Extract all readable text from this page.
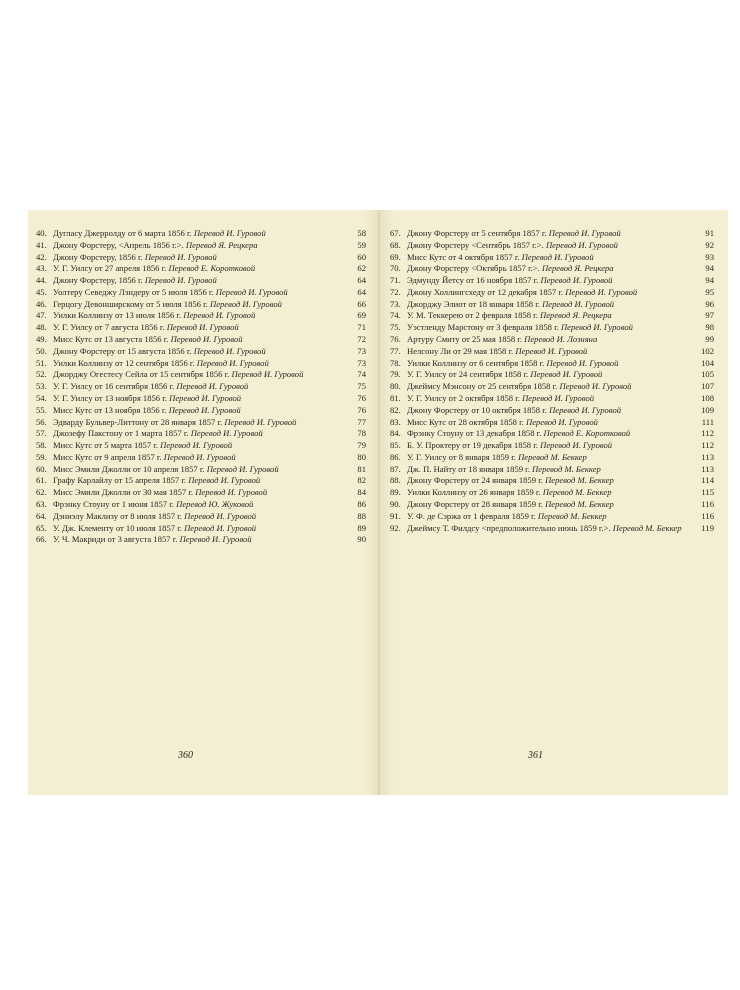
40. Дугласу Джерролду от 6 марта 1856 г. Перевод И. Гуровой	58
41. Джону Форстеру, <Апрель 1856 г.>. Перевод Я. Рецкера	59
42. Джону Форстеру, 1856 г. Перевод И. Гуровой	60
43. У. Г. Уилсу от 27 апреля 1856 г. Перевод Е. Коротковой	62
44. Джону Форстеру, 1856 г. Перевод И. Гуровой	64
45. Уолтеру Севеджу Лэндеру от 5 июля 1856 г. Перевод И. Гуровой	64
46. Герцогу Девонширскому от 5 июля 1856 г. Перевод И. Гуровой	66
47. Уилки Коллинзу от 13 июля 1856 г. Перевод И. Гуровой	69
48. У. Г. Уилсу от 7 августа 1856 г. Перевод И. Гуровой	71
49. Мисс Кутс от 13 августа 1856 г. Перевод И. Гуровой	72
50. Джону Форстеру от 15 августа 1856 г. Перевод И. Гуровой	73
51. Уилки Коллинзу от 12 сентября 1856 г. Перевод И. Гуровой	73
52. Джорджу Огестесу Сейла от 15 сентября 1856 г. Перевод И. Гуровой	74
53. У. Г. Уилсу от 16 сентября 1856 г. Перевод И. Гуровой	75
54. У. Г. Уилсу от 13 ноября 1856 г. Перевод И. Гуровой	76
55. Мисс Кутс от 13 ноября 1856 г. Перевод И. Гуровой	76
56. Эдварду Бульвер-Литтону от 28 января 1857 г. Перевод И. Гуровой	77
57. Джозефу Пакстону от 1 марта 1857 г. Перевод И. Гуровой	78
58. Мисс Кутс от 5 марта 1857 г. Перевод И. Гуровой	79
59. Мисс Кутс от 9 апреля 1857 г. Перевод И. Гуровой	80
60. Мисс Эмили Джолли от 10 апреля 1857 г. Перевод И. Гуровой	81
61. Графу Карлайлу от 15 апреля 1857 г. Перевод И. Гуровой	82
62. Мисс Эмили Джолли от 30 мая 1857 г. Перевод И. Гуровой	84
63. Фрэнку Стоуну от 1 июня 1857 г. Перевод Ю. Жуковой	86
64. Дэниэлу Маклизу от 8 июля 1857 г. Перевод И. Гуровой	88
65. У. Дж. Клементу от 10 июля 1857 г. Перевод И. Гуровой	89
66. У. Ч. Макриди от 3 августа 1857 г. Перевод И. Гуровой	90
360
67. Джону Форстеру от 5 сентября 1857 г. Перевод И. Гуровой	91
68. Джону Форстеру <Сентябрь 1857 г.>. Перевод И. Гуровой	92
69. Мисс Кутс от 4 октября 1857 г. Перевод И. Гуровой	93
70. Джону Форстеру <Октябрь 1857 г.>. Перевод Я. Рецкера	94
71. Эдмунду Йетсу от 16 ноября 1857 г. Перевод И. Гуровой	94
72. Джону Холлингсхеду от 12 декабря 1857 г. Перевод И. Гуровой	95
73. Джорджу Элиот от 18 января 1858 г. Перевод И. Гуровой	96
74. У. М. Теккерею от 2 февраля 1858 г. Перевод Я. Рецкера	97
75. Уэстленду Марстону от 3 февраля 1858 г. Перевод И. Гуровой	98
76. Артуру Смиту от 25 мая 1858 г. Перевод И. Лозняна	99
77. Нелсону Ли от 29 мая 1858 г. Перевод И. Гуровой	102
78. Уилки Коллинзу от 6 сентября 1858 г. Перевод И. Гуровой	104
79. У. Г. Уилсу от 24 сентября 1858 г. Перевод И. Гуровой	105
80. Джеймсу Мэнсону от 25 сентября 1858 г. Перевод И. Гуровой	107
81. У. Г. Уилсу от 2 октября 1858 г. Перевод И. Гуровой	108
82. Джону Форстеру от 10 октября 1858 г. Перевод И. Гуровой	109
83. Мисс Кутс от 28 октября 1858 г. Перевод И. Гуровой	111
84. Фрэнку Стоуну от 13 декабря 1858 г. Перевод Е. Коротковой	112
85. Б. У. Проктеру от 19 декабря 1858 г. Перевод И. Гуровой	112
86. У. Г. Уилсу от 8 января 1859 г. Перевод М. Беккер	113
87. Дж. П. Найту от 18 января 1859 г. Перевод М. Беккер	113
88. Джону Форстеру от 24 января 1859 г. Перевод М. Беккер	114
89. Уилки Коллинзу от 26 января 1859 г. Перевод М. Беккер	115
90. Джону Форстеру от 28 января 1859 г. Перевод М. Беккер	116
91. У. Ф. де Сэржа от 1 февраля 1859 г. Перевод М. Беккер	116
92. Джеймсу Т. Филдсу <предположительно июнь 1859 г.>. Перевод М. Беккер	119
361
